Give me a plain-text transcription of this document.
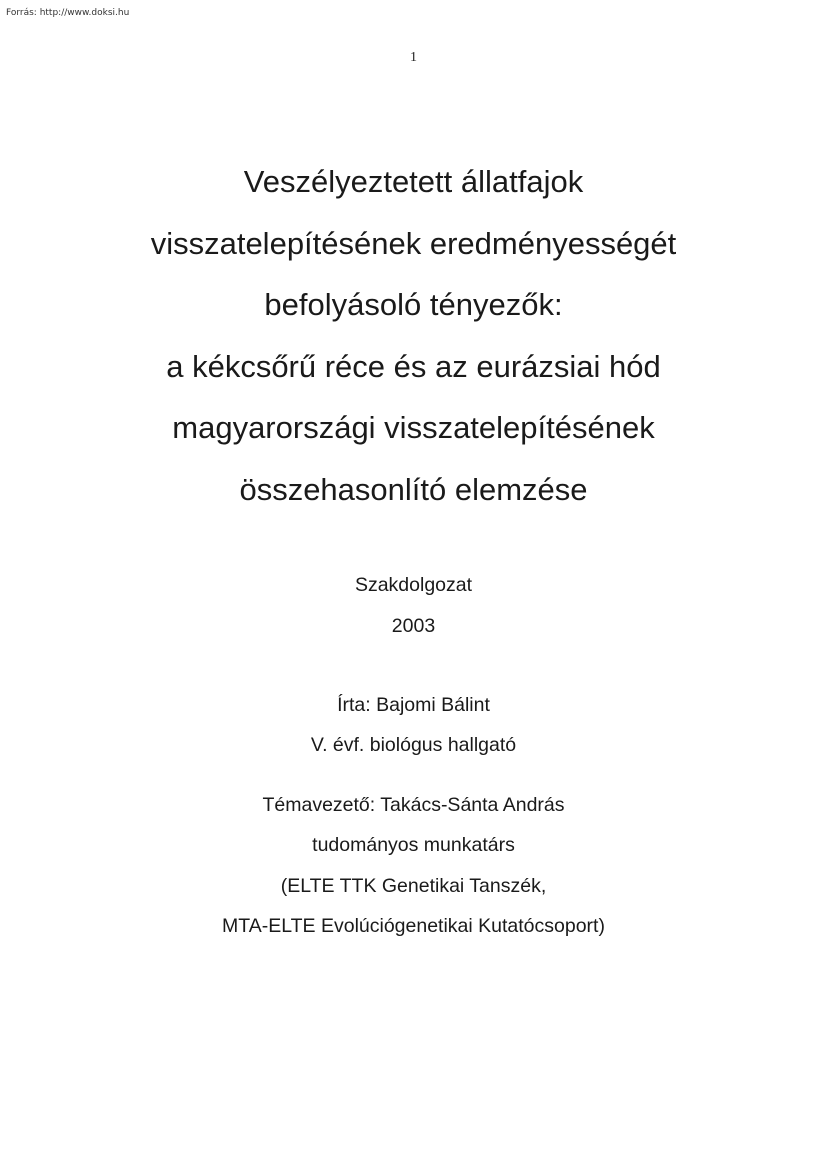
Forrás: http://www.doksi.hu
1
Veszélyeztetett állatfajok
visszatelepítésének eredményességét
befolyásoló tényezők:
a kékcsőrű réce és az eurázsiai hód
magyarországi visszatelepítésének
összehasonlító elemzése
Szakdolgozat
2003
Írta: Bajomi Bálint
V. évf. biológus hallgató
Témavezető: Takács-Sánta András
tudományos munkatárs
(ELTE TTK Genetikai Tanszék,
MTA-ELTE Evolúciógenetikai Kutatócsoport)
